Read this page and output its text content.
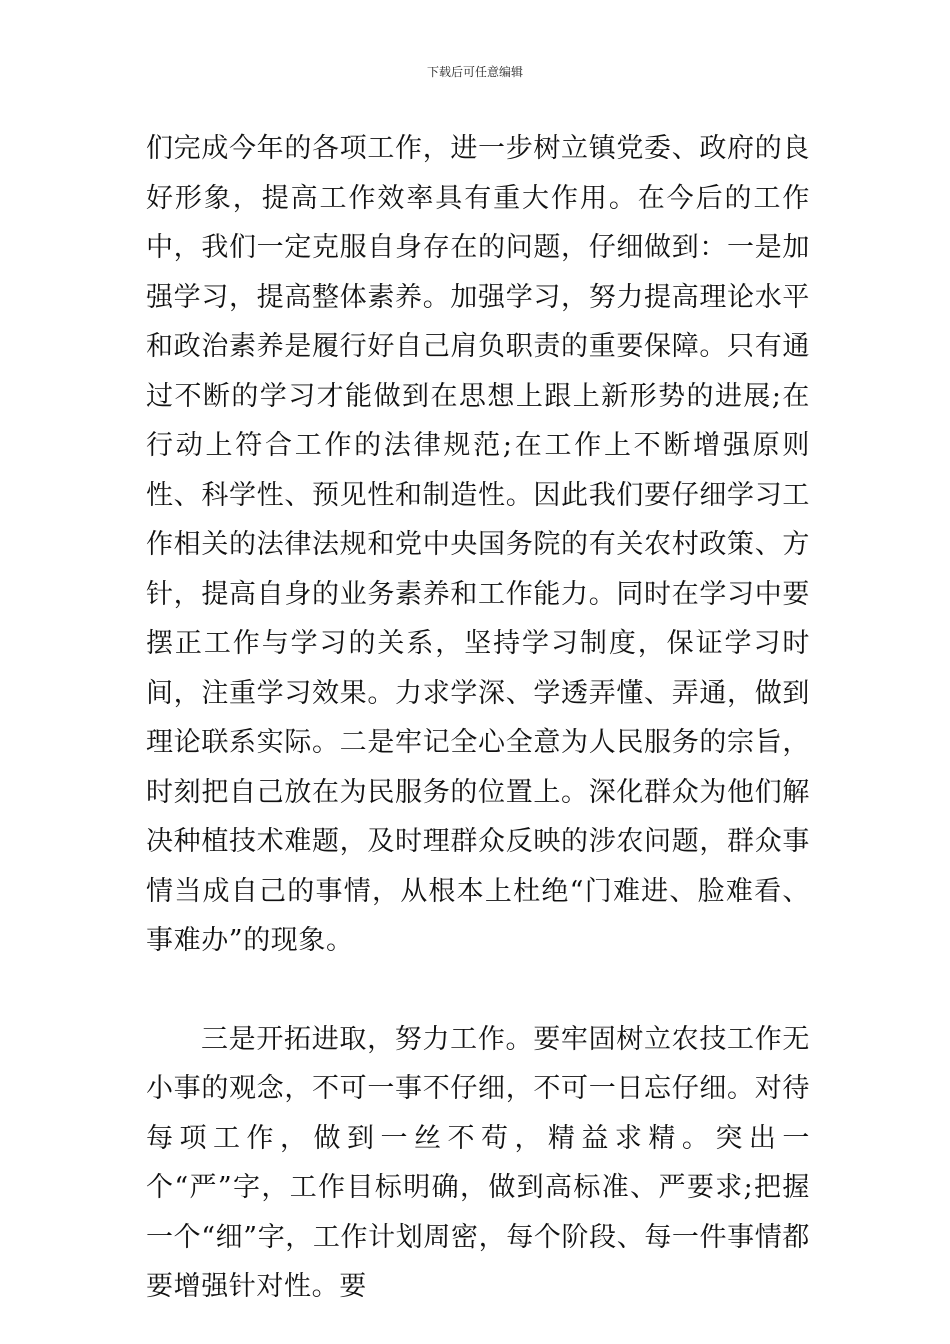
下载后可任意编辑

们完成今年的各项工作，进一步树立镇党委、政府的良好形象，提高工作效率具有重大作用。在今后的工作中，我们一定克服自身存在的问题，仔细做到：一是加强学习，提高整体素养。加强学习，努力提高理论水平和政治素养是履行好自己肩负职责的重要保障。只有通过不断的学习才能做到在思想上跟上新形势的进展;在行动上符合工作的法律规范;在工作上不断增强原则性、科学性、预见性和制造性。因此我们要仔细学习工作相关的法律法规和党中央国务院的有关农村政策、方针，提高自身的业务素养和工作能力。同时在学习中要摆正工作与学习的关系，坚持学习制度，保证学习时间，注重学习效果。力求学深、学透弄懂、弄通，做到理论联系实际。二是牢记全心全意为人民服务的宗旨，时刻把自己放在为民服务的位置上。深化群众为他们解决种植技术难题，及时理群众反映的涉农问题，群众事情当成自己的事情，从根本上杜绝“门难进、脸难看、事难办”的现象。

三是开拓进取，努力工作。要牢固树立农技工作无小事的观念，不可一事不仔细，不可一日忘仔细。对待每项工作，做到一丝不苟，精益求精。突出一个“严”字，工作目标明确，做到高标准、严要求;把握一个“细”字，工作计划周密，每个阶段、每一件事情都要增强针对性。要
